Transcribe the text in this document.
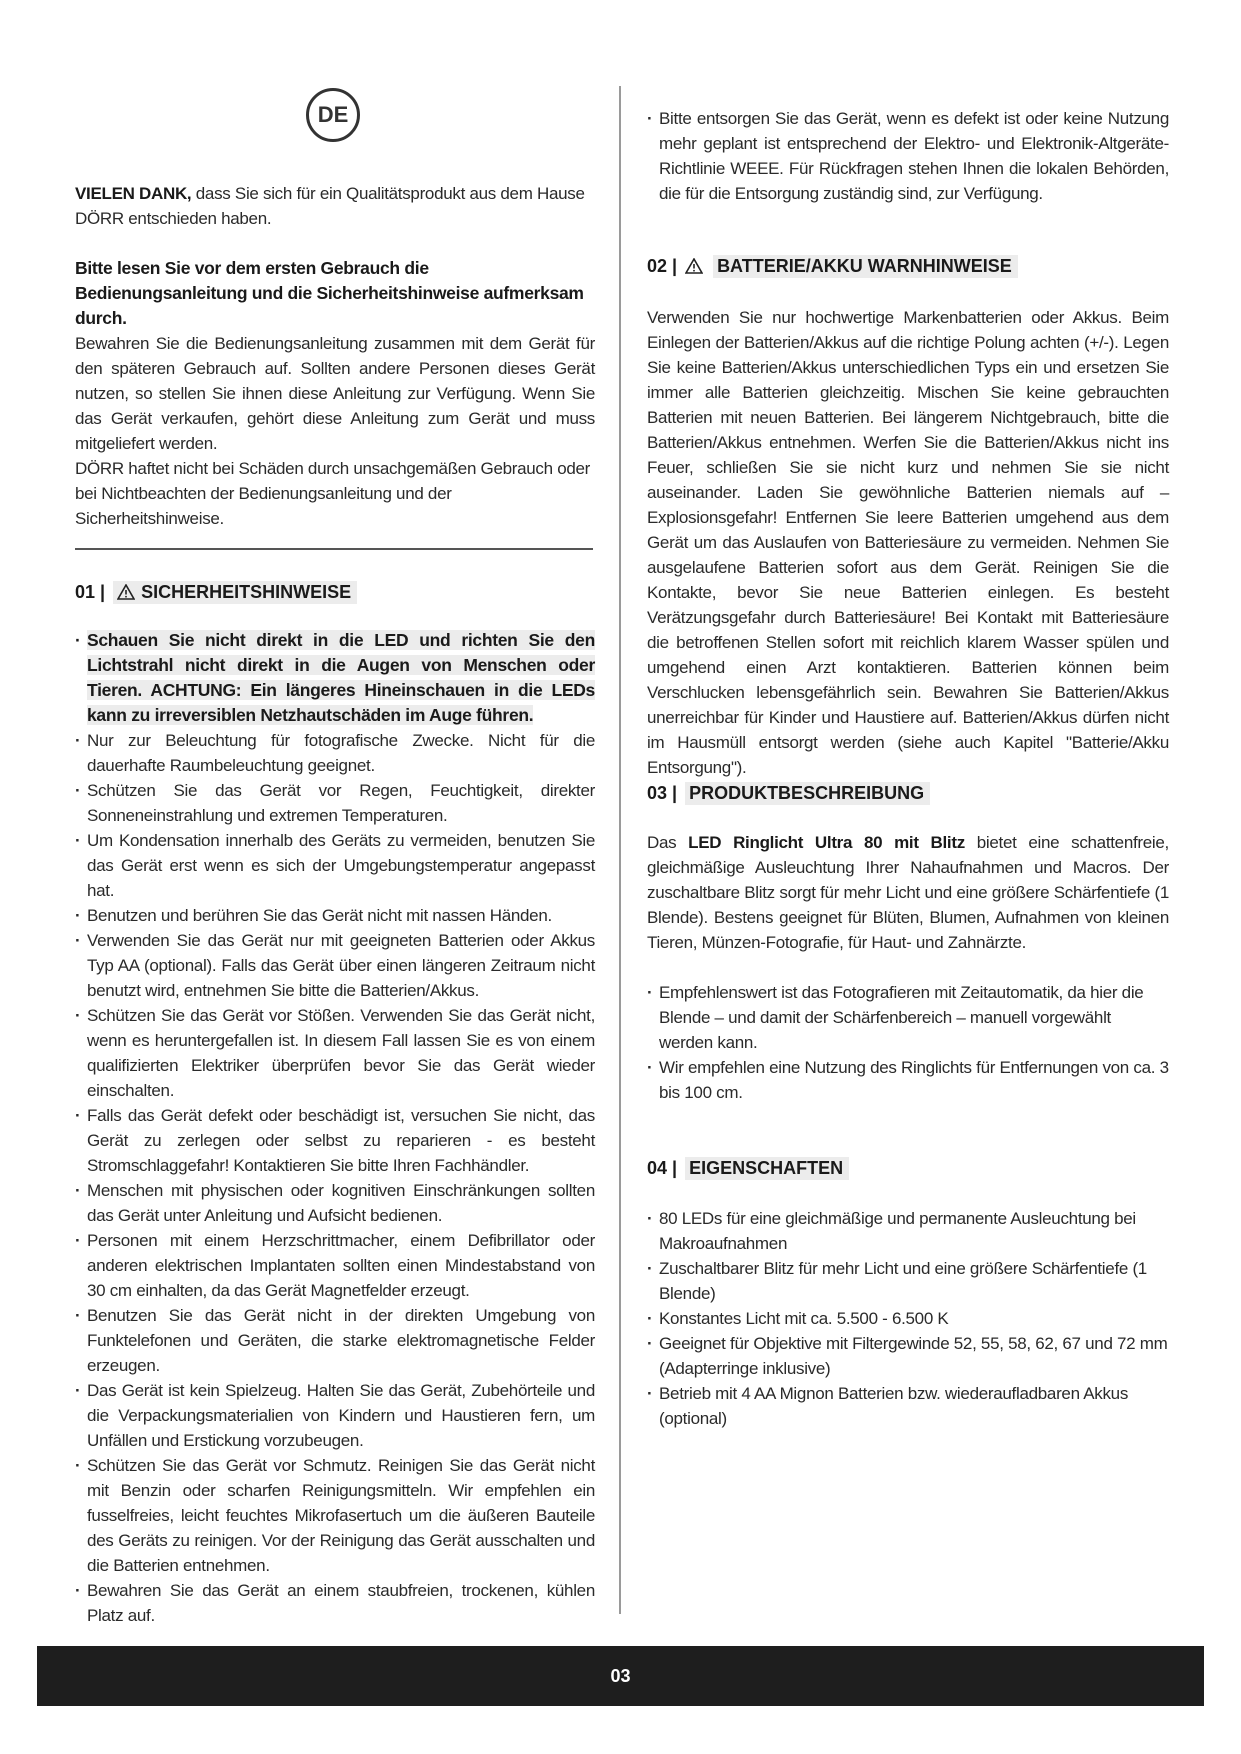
DE

VIELEN DANK, dass Sie sich für ein Qualitätsprodukt aus dem Hause DÖRR entschieden haben.

Bitte lesen Sie vor dem ersten Gebrauch die Bedienungsanleitung und die Sicherheitshinweise aufmerksam durch.

Bewahren Sie die Bedienungsanleitung zusammen mit dem Gerät für den späteren Gebrauch auf. Sollten andere Personen dieses Gerät nutzen, so stellen Sie ihnen diese Anleitung zur Verfügung. Wenn Sie das Gerät verkaufen, gehört diese Anleitung zum Gerät und muss mitgeliefert werden.

DÖRR haftet nicht bei Schäden durch unsachgemäßen Gebrauch oder bei Nichtbeachten der Bedienungsanleitung und der Sicherheitshinweise.

01 | SICHERHEITSHINWEISE
· Schauen Sie nicht direkt in die LED und richten Sie den Lichtstrahl nicht direkt in die Augen von Menschen oder Tieren. ACHTUNG: Ein längeres Hineinschauen in die LEDs kann zu irreversiblen Netzhautschäden im Auge führen.
· Nur zur Beleuchtung für fotografische Zwecke. Nicht für die dauerhafte Raumbeleuchtung geeignet.
· Schützen Sie das Gerät vor Regen, Feuchtigkeit, direkter Sonneneinstrahlung und extremen Temperaturen.
· Um Kondensation innerhalb des Geräts zu vermeiden, benutzen Sie das Gerät erst wenn es sich der Umgebungstemperatur angepasst hat.
· Benutzen und berühren Sie das Gerät nicht mit nassen Händen.
· Verwenden Sie das Gerät nur mit geeigneten Batterien oder Akkus Typ AA (optional). Falls das Gerät über einen längeren Zeitraum nicht benutzt wird, entnehmen Sie bitte die Batterien/Akkus.
· Schützen Sie das Gerät vor Stößen. Verwenden Sie das Gerät nicht, wenn es heruntergefallen ist. In diesem Fall lassen Sie es von einem qualifizierten Elektriker überprüfen bevor Sie das Gerät wieder einschalten.
· Falls das Gerät defekt oder beschädigt ist, versuchen Sie nicht, das Gerät zu zerlegen oder selbst zu reparieren - es besteht Stromschlaggefahr! Kontaktieren Sie bitte Ihren Fachhändler.
· Menschen mit physischen oder kognitiven Einschränkungen sollten das Gerät unter Anleitung und Aufsicht bedienen.
· Personen mit einem Herzschrittmacher, einem Defibrillator oder anderen elektrischen Implantaten sollten einen Mindestabstand von 30 cm einhalten, da das Gerät Magnetfelder erzeugt.
· Benutzen Sie das Gerät nicht in der direkten Umgebung von Funktelefonen und Geräten, die starke elektromagnetische Felder erzeugen.
· Das Gerät ist kein Spielzeug. Halten Sie das Gerät, Zubehörteile und die Verpackungsmaterialien von Kindern und Haustieren fern, um Unfällen und Erstickung vorzubeugen.
· Schützen Sie das Gerät vor Schmutz. Reinigen Sie das Gerät nicht mit Benzin oder scharfen Reinigungsmitteln. Wir empfehlen ein fusselfreies, leicht feuchtes Mikrofasertuch um die äußeren Bauteile des Geräts zu reinigen. Vor der Reinigung das Gerät ausschalten und die Batterien entnehmen.
· Bewahren Sie das Gerät an einem staubfreien, trockenen, kühlen Platz auf.
· Bitte entsorgen Sie das Gerät, wenn es defekt ist oder keine Nutzung mehr geplant ist entsprechend der Elektro- und Elektronik-Altgeräte-Richtlinie WEEE. Für Rückfragen stehen Ihnen die lokalen Behörden, die für die Entsorgung zuständig sind, zur Verfügung.
02 | BATTERIE/AKKU WARNHINWEISE

Verwenden Sie nur hochwertige Markenbatterien oder Akkus. Beim Einlegen der Batterien/Akkus auf die richtige Polung achten (+/-). Legen Sie keine Batterien/Akkus unterschiedlichen Typs ein und ersetzen Sie immer alle Batterien gleichzeitig. Mischen Sie keine gebrauchten Batterien mit neuen Batterien. Bei längerem Nichtgebrauch, bitte die Batterien/Akkus entnehmen. Werfen Sie die Batterien/Akkus nicht ins Feuer, schließen Sie sie nicht kurz und nehmen Sie sie nicht auseinander. Laden Sie gewöhnliche Batterien niemals auf – Explosionsgefahr! Entfernen Sie leere Batterien umgehend aus dem Gerät um das Auslaufen von Batteriesäure zu vermeiden. Nehmen Sie ausgelaufene Batterien sofort aus dem Gerät. Reinigen Sie die Kontakte, bevor Sie neue Batterien einlegen. Es besteht Verätzungsgefahr durch Batteriesäure! Bei Kontakt mit Batteriesäure die betroffenen Stellen sofort mit reichlich klarem Wasser spülen und umgehend einen Arzt kontaktieren. Batterien können beim Verschlucken lebensgefährlich sein. Bewahren Sie Batterien/Akkus unerreichbar für Kinder und Haustiere auf. Batterien/Akkus dürfen nicht im Hausmüll entsorgt werden (siehe auch Kapitel "Batterie/Akku Entsorgung").

03 | PRODUKTBESCHREIBUNG

Das LED Ringlicht Ultra 80 mit Blitz bietet eine schattenfreie, gleichmäßige Ausleuchtung Ihrer Nahaufnahmen und Macros. Der zuschaltbare Blitz sorgt für mehr Licht und eine größere Schärfentiefe (1 Blende). Bestens geeignet für Blüten, Blumen, Aufnahmen von kleinen Tieren, Münzen-Fotografie, für Haut- und Zahnärzte.

· Empfehlenswert ist das Fotografieren mit Zeitautomatik, da hier die Blende – und damit der Schärfenbereich – manuell vorgewählt werden kann.
· Wir empfehlen eine Nutzung des Ringlichts für Entfernungen von ca. 3 bis 100 cm.
04 | EIGENSCHAFTEN
· 80 LEDs für eine gleichmäßige und permanente Ausleuchtung bei Makroaufnahmen
· Zuschaltbarer Blitz für mehr Licht und eine größere Schärfentiefe (1 Blende)
· Konstantes Licht mit ca. 5.500 - 6.500 K
· Geeignet für Objektive mit Filtergewinde 52, 55, 58, 62, 67 und 72 mm (Adapterringe inklusive)
· Betrieb mit 4 AA Mignon Batterien bzw. wiederaufladbaren Akkus (optional)
03
